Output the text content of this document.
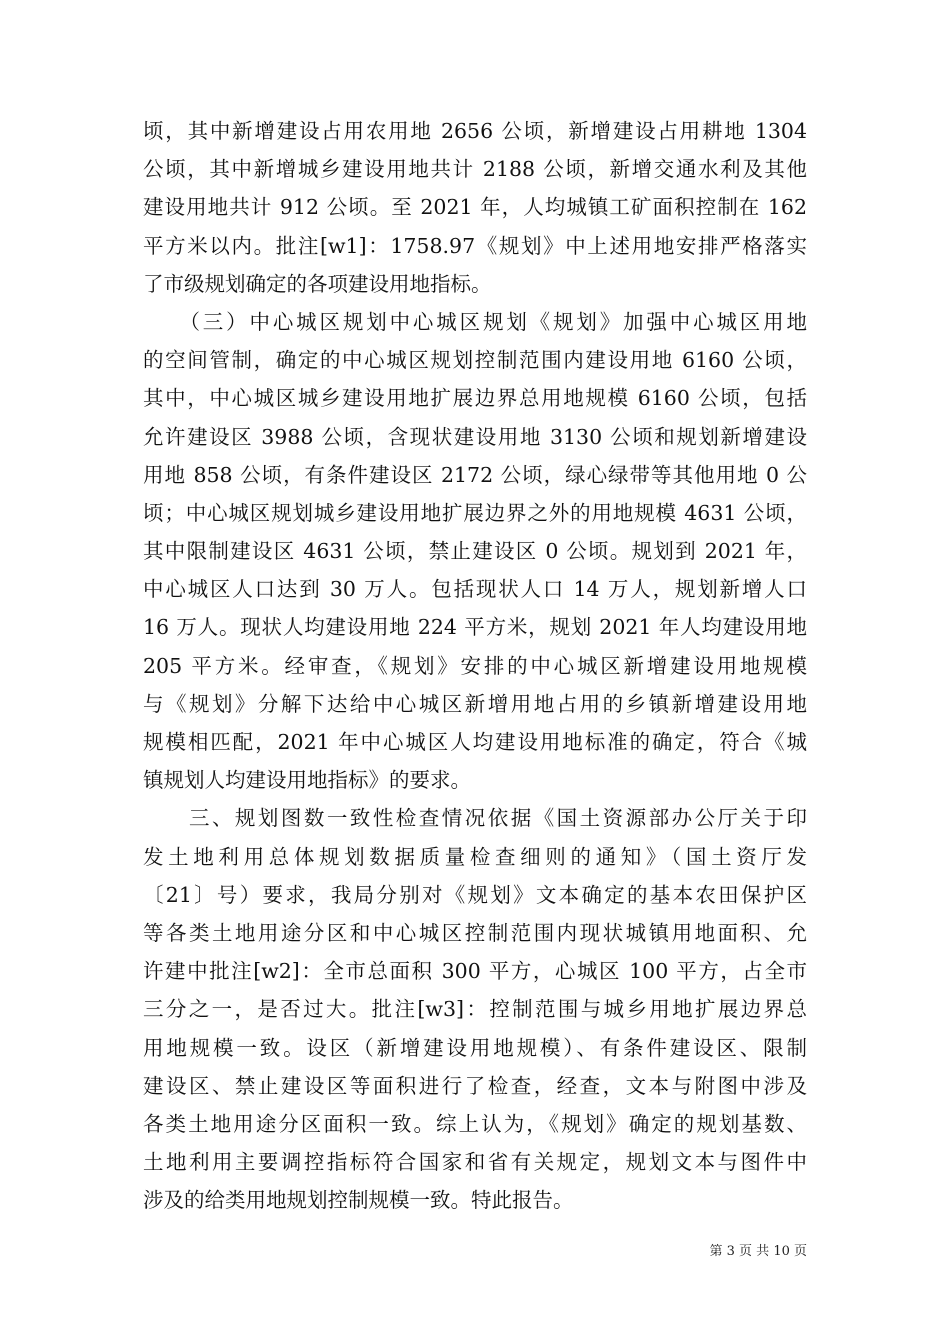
顷，其中新增建设占用农用地 2656 公顷，新增建设占用耕地 1304
公顷，其中新增城乡建设用地共计 2188 公顷，新增交通水利及其他
建设用地共计 912 公顷。至 2021 年，人均城镇工矿面积控制在 162
平方米以内。批注[w1]：1758.97《规划》中上述用地安排严格落实
了市级规划确定的各项建设用地指标。
　　（三）中心城区规划中心城区规划《规划》加强中心城区用地
的空间管制，确定的中心城区规划控制范围内建设用地 6160 公顷，
其中，中心城区城乡建设用地扩展边界总用地规模 6160 公顷，包括
允许建设区 3988 公顷，含现状建设用地 3130 公顷和规划新增建设
用地 858 公顷，有条件建设区 2172 公顷，绿心绿带等其他用地 0 公
顷；中心城区规划城乡建设用地扩展边界之外的用地规模 4631 公顷，
其中限制建设区 4631 公顷，禁止建设区 0 公顷。规划到 2021 年，
中心城区人口达到 30 万人。包括现状人口 14 万人，规划新增人口
16 万人。现状人均建设用地 224 平方米，规划 2021 年人均建设用地
205 平方米。经审查，《规划》安排的中心城区新增建设用地规模
与《规划》分解下达给中心城区新增用地占用的乡镇新增建设用地
规模相匹配，2021 年中心城区人均建设用地标准的确定，符合《城
镇规划人均建设用地指标》的要求。
　　三、规划图数一致性检查情况依据《国土资源部办公厅关于印
发土地利用总体规划数据质量检查细则的通知》（国土资厅发
〔21〕号）要求，我局分别对《规划》文本确定的基本农田保护区
等各类土地用途分区和中心城区控制范围内现状城镇用地面积、允
许建中批注[w2]：全市总面积 300 平方，心城区 100 平方，占全市
三分之一，是否过大。批注[w3]：控制范围与城乡用地扩展边界总
用地规模一致。设区（新增建设用地规模）、有条件建设区、限制
建设区、禁止建设区等面积进行了检查，经查，文本与附图中涉及
各类土地用途分区面积一致。综上认为，《规划》确定的规划基数、
土地利用主要调控指标符合国家和省有关规定，规划文本与图件中
涉及的给类用地规划控制规模一致。特此报告。
第 3 页 共 10 页
